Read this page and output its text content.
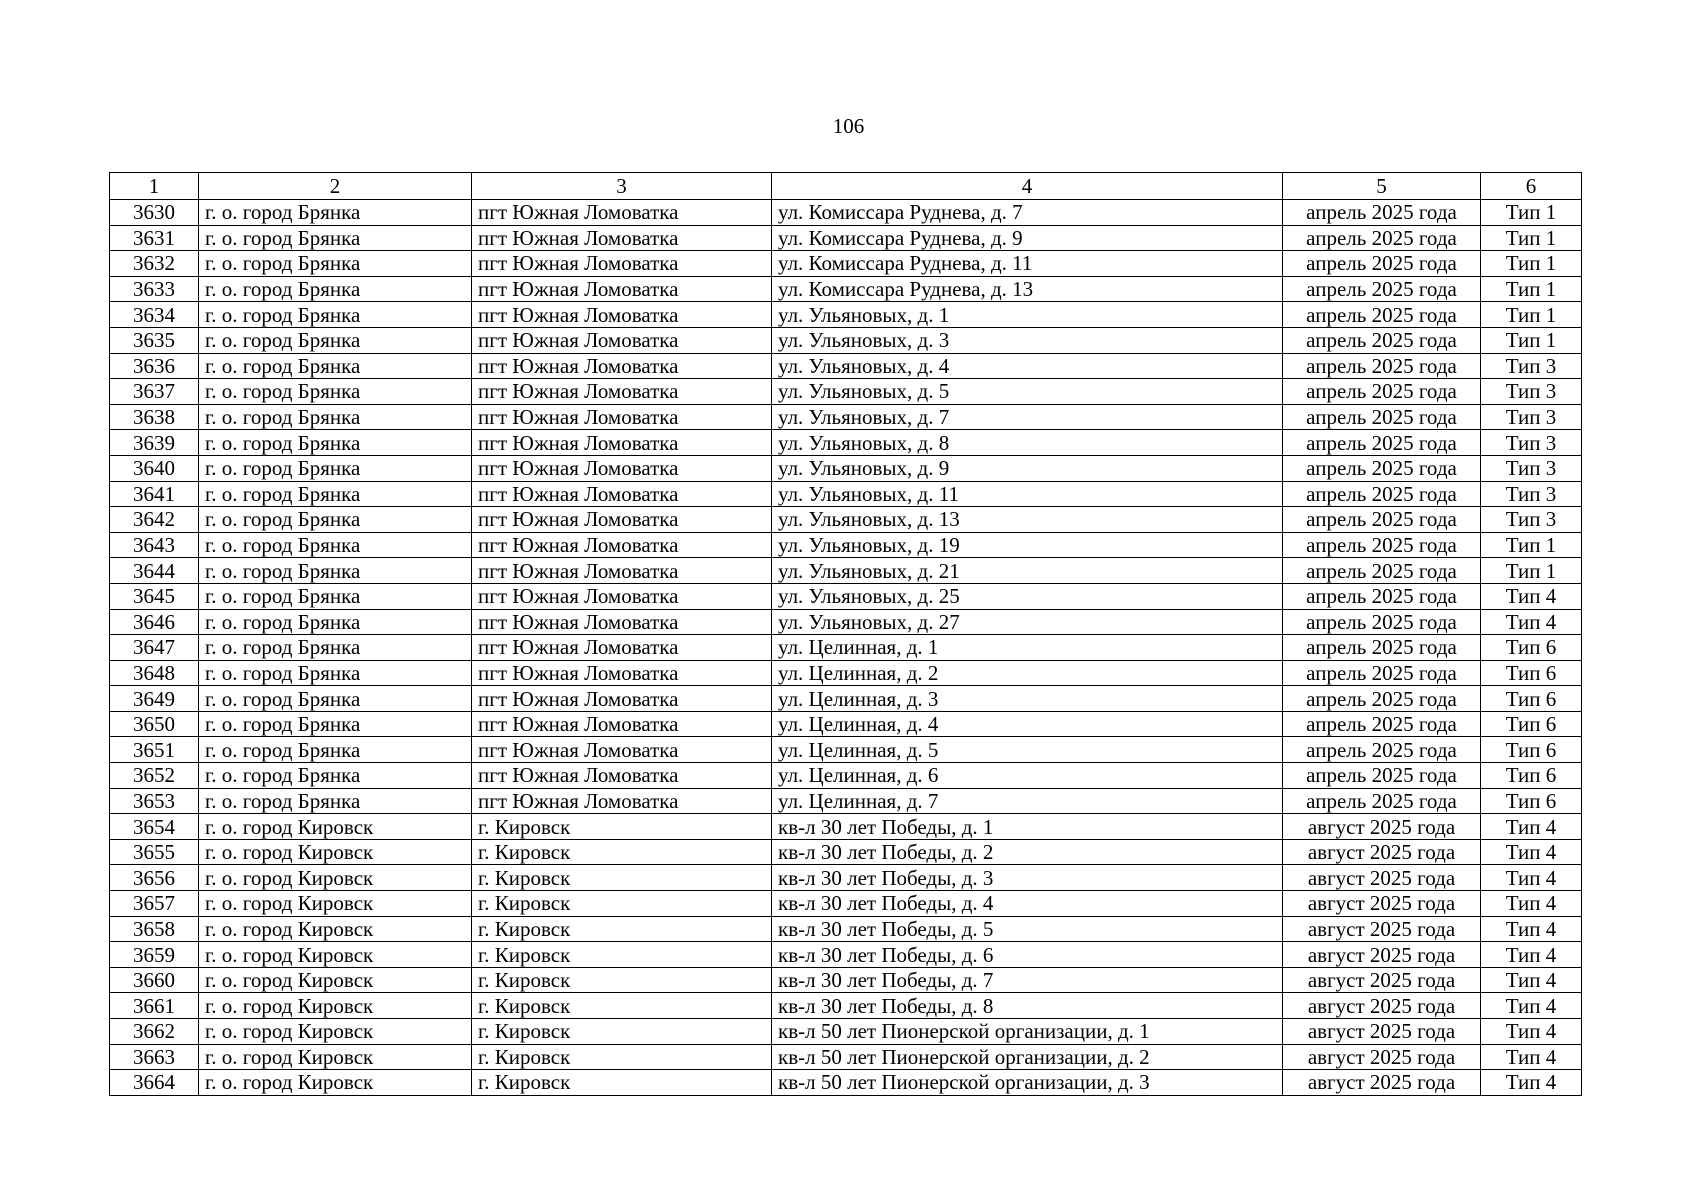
106
1	2	3	4	5	6
3630	г. о. город Брянка	пгт Южная Ломоватка	ул. Комиссара Руднева, д. 7	апрель 2025 года	Тип 1
3631	г. о. город Брянка	пгт Южная Ломоватка	ул. Комиссара Руднева, д. 9	апрель 2025 года	Тип 1
3632	г. о. город Брянка	пгт Южная Ломоватка	ул. Комиссара Руднева, д. 11	апрель 2025 года	Тип 1
3633	г. о. город Брянка	пгт Южная Ломоватка	ул. Комиссара Руднева, д. 13	апрель 2025 года	Тип 1
3634	г. о. город Брянка	пгт Южная Ломоватка	ул. Ульяновых, д. 1	апрель 2025 года	Тип 1
3635	г. о. город Брянка	пгт Южная Ломоватка	ул. Ульяновых, д. 3	апрель 2025 года	Тип 1
3636	г. о. город Брянка	пгт Южная Ломоватка	ул. Ульяновых, д. 4	апрель 2025 года	Тип 3
3637	г. о. город Брянка	пгт Южная Ломоватка	ул. Ульяновых, д. 5	апрель 2025 года	Тип 3
3638	г. о. город Брянка	пгт Южная Ломоватка	ул. Ульяновых, д. 7	апрель 2025 года	Тип 3
3639	г. о. город Брянка	пгт Южная Ломоватка	ул. Ульяновых, д. 8	апрель 2025 года	Тип 3
3640	г. о. город Брянка	пгт Южная Ломоватка	ул. Ульяновых, д. 9	апрель 2025 года	Тип 3
3641	г. о. город Брянка	пгт Южная Ломоватка	ул. Ульяновых, д. 11	апрель 2025 года	Тип 3
3642	г. о. город Брянка	пгт Южная Ломоватка	ул. Ульяновых, д. 13	апрель 2025 года	Тип 3
3643	г. о. город Брянка	пгт Южная Ломоватка	ул. Ульяновых, д. 19	апрель 2025 года	Тип 1
3644	г. о. город Брянка	пгт Южная Ломоватка	ул. Ульяновых, д. 21	апрель 2025 года	Тип 1
3645	г. о. город Брянка	пгт Южная Ломоватка	ул. Ульяновых, д. 25	апрель 2025 года	Тип 4
3646	г. о. город Брянка	пгт Южная Ломоватка	ул. Ульяновых, д. 27	апрель 2025 года	Тип 4
3647	г. о. город Брянка	пгт Южная Ломоватка	ул. Целинная, д. 1	апрель 2025 года	Тип 6
3648	г. о. город Брянка	пгт Южная Ломоватка	ул. Целинная, д. 2	апрель 2025 года	Тип 6
3649	г. о. город Брянка	пгт Южная Ломоватка	ул. Целинная, д. 3	апрель 2025 года	Тип 6
3650	г. о. город Брянка	пгт Южная Ломоватка	ул. Целинная, д. 4	апрель 2025 года	Тип 6
3651	г. о. город Брянка	пгт Южная Ломоватка	ул. Целинная, д. 5	апрель 2025 года	Тип 6
3652	г. о. город Брянка	пгт Южная Ломоватка	ул. Целинная, д. 6	апрель 2025 года	Тип 6
3653	г. о. город Брянка	пгт Южная Ломоватка	ул. Целинная, д. 7	апрель 2025 года	Тип 6
3654	г. о. город Кировск	г. Кировск	кв-л 30 лет Победы, д. 1	август 2025 года	Тип 4
3655	г. о. город Кировск	г. Кировск	кв-л 30 лет Победы, д. 2	август 2025 года	Тип 4
3656	г. о. город Кировск	г. Кировск	кв-л 30 лет Победы, д. 3	август 2025 года	Тип 4
3657	г. о. город Кировск	г. Кировск	кв-л 30 лет Победы, д. 4	август 2025 года	Тип 4
3658	г. о. город Кировск	г. Кировск	кв-л 30 лет Победы, д. 5	август 2025 года	Тип 4
3659	г. о. город Кировск	г. Кировск	кв-л 30 лет Победы, д. 6	август 2025 года	Тип 4
3660	г. о. город Кировск	г. Кировск	кв-л 30 лет Победы, д. 7	август 2025 года	Тип 4
3661	г. о. город Кировск	г. Кировск	кв-л 30 лет Победы, д. 8	август 2025 года	Тип 4
3662	г. о. город Кировск	г. Кировск	кв-л 50 лет Пионерской организации, д. 1	август 2025 года	Тип 4
3663	г. о. город Кировск	г. Кировск	кв-л 50 лет Пионерской организации, д. 2	август 2025 года	Тип 4
3664	г. о. город Кировск	г. Кировск	кв-л 50 лет Пионерской организации, д. 3	август 2025 года	Тип 4
